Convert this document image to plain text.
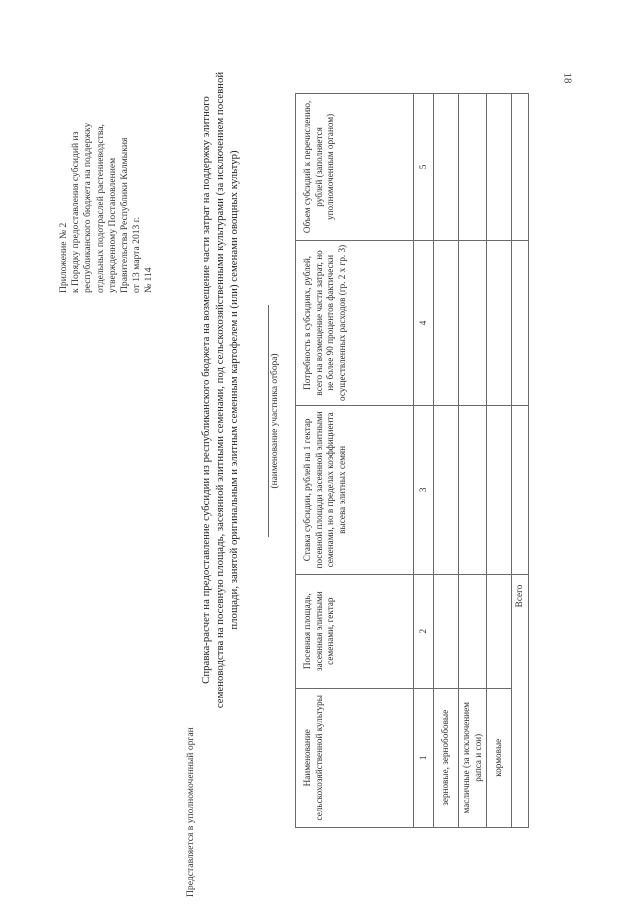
18
Приложение № 2 к Порядку предоставления субсидий из республиканского бюджета на поддержку отдельных подотраслей растениеводства, утвержденному Постановлением Правительства Республики Калмыкия от 13 марта 2013 г. № 114
Представляется в уполномоченный орган
Справка-расчет на предоставление субсидии из республиканского бюджета на возмещение части затрат на поддержку элитного семеноводства на посевную площадь, засеянной элитными семенами, под сельскохозяйственными культурами (за исключением посевной площади, занятой оригинальным и элитным семенным картофелем и (или) семенами овощных культур)	(наименование участника отбора)
Наименование сельскохозяйственной культуры	Посевная площадь, засеянная элитными семенами, гектар	Ставка субсидии, рублей на 1 гектар посевной площади засеянной элитными семенами, но в пределах коэффициента высева элитных семян	Потребность в субсидиях, рублей, всего на возмещение части затрат, но не более 90 процентов фактически осуществленных расходов (гр. 2 х гр. 3)	Объем субсидий к перечислению, рублей (заполняется уполномоченным органом)
1	2	3	4	5
зерновые, зернобобовые				
масличные (за исключением рапса и сои)				
кормовые				
Всего				
